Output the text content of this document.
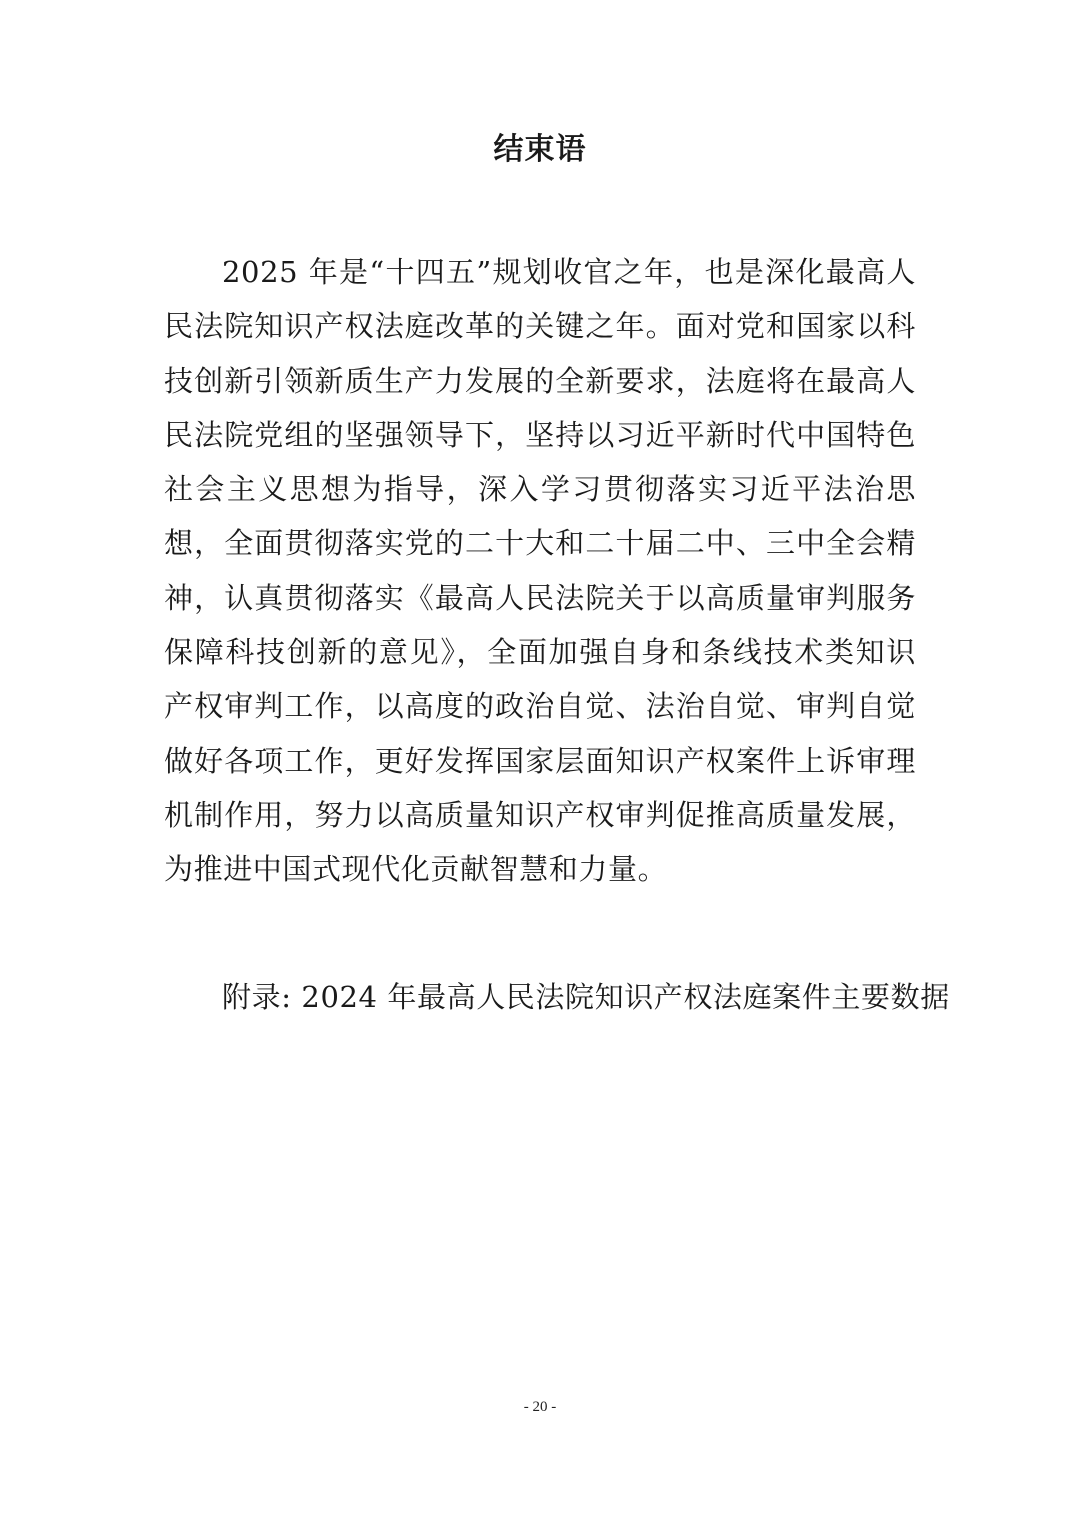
结束语

2025 年是“十四五”规划收官之年，也是深化最高人民法院知识产权法庭改革的关键之年。面对党和国家以科技创新引领新质生产力发展的全新要求，法庭将在最高人民法院党组的坚强领导下，坚持以习近平新时代中国特色社会主义思想为指导，深入学习贯彻落实习近平法治思想，全面贯彻落实党的二十大和二十届二中、三中全会精神，认真贯彻落实《最高人民法院关于以高质量审判服务保障科技创新的意见》，全面加强自身和条线技术类知识产权审判工作，以高度的政治自觉、法治自觉、审判自觉做好各项工作，更好发挥国家层面知识产权案件上诉审理机制作用，努力以高质量知识产权审判促推高质量发展，为推进中国式现代化贡献智慧和力量。

附录: 2024 年最高人民法院知识产权法庭案件主要数据

- 20 -
